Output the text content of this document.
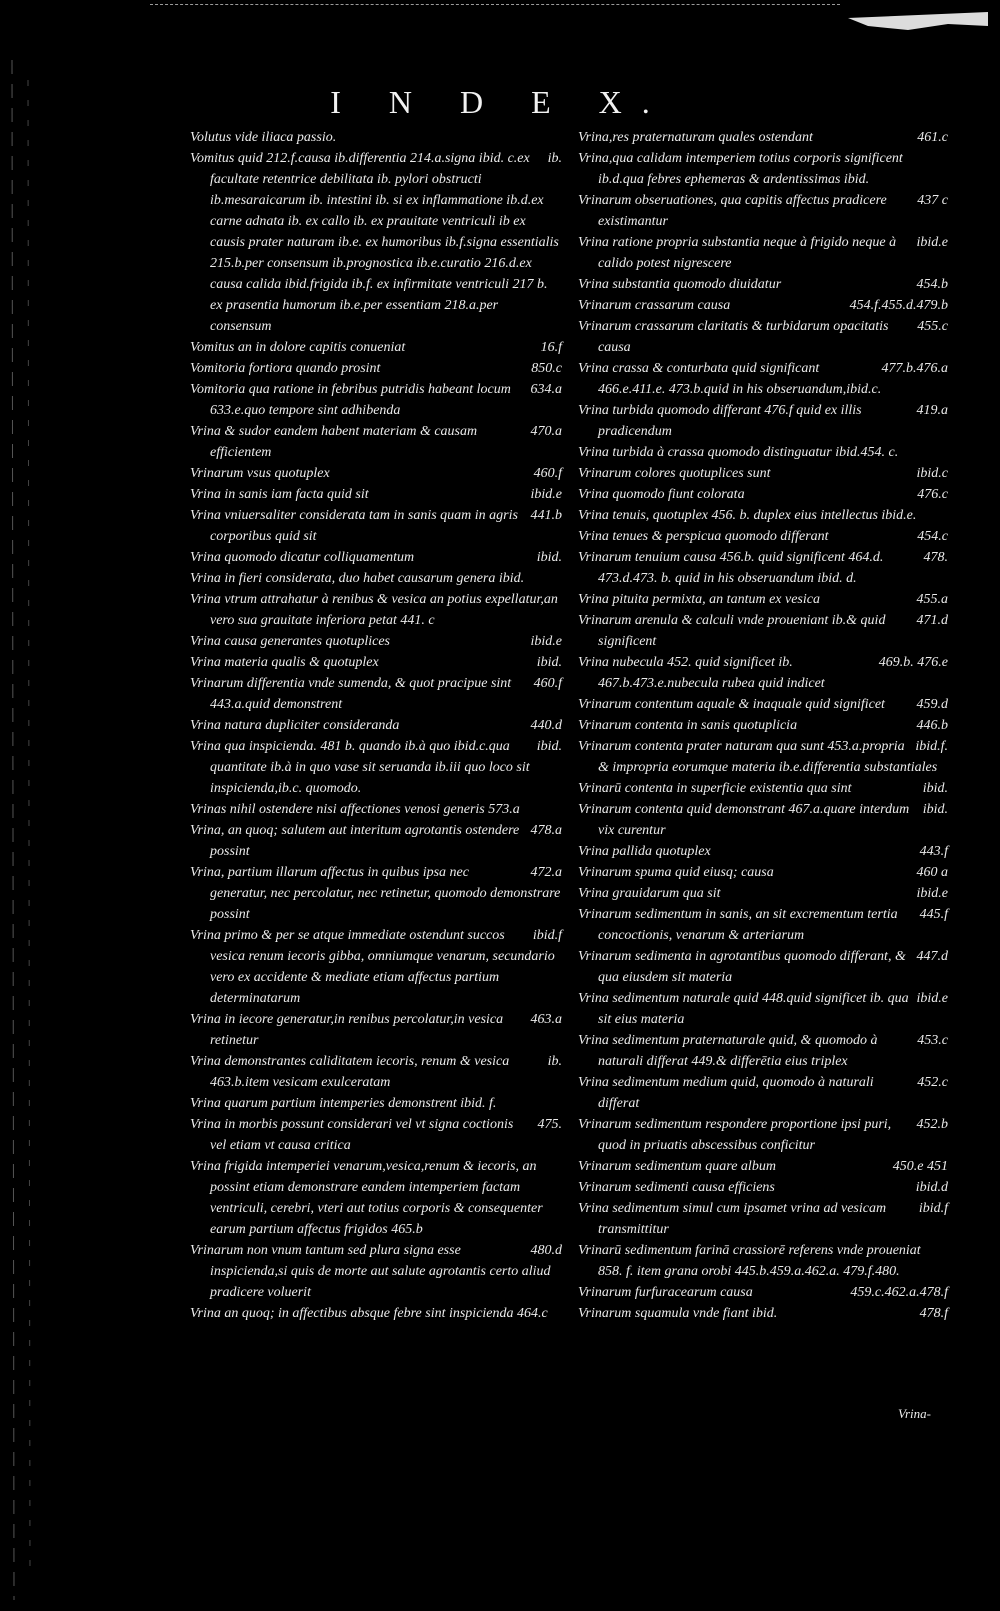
I N D E X.

Volutus vide iliaca passio.

ib.
Vomitus quid 212.f.causa ib.differentia 214.a.signa ibid. c.ex facultate retentrice debilitata ib. pylori obstructi ib.mesaraicarum ib. intestini ib. si ex inflammatione ib.d.ex carne adnata ib. ex callo ib. ex prauitate ventriculi ib ex causis prater naturam ib.e. ex humoribus ib.f.signa essentialis 215.b.per consensum ib.prognostica ib.e.curatio 216.d.ex causa calida ibid.frigida ib.f. ex infirmitate ventriculi 217 b. ex prasentia humorum ib.e.per essentiam 218.a.per consensum

16.f
Vomitus an in dolore capitis conueniat

850.c
Vomitoria fortiora quando prosint

634.a
Vomitoria qua ratione in febribus putridis habeant locum 633.e.quo tempore sint adhibenda

470.a
Vrina & sudor eandem habent materiam & causam efficientem

460.f
Vrinarum vsus quotuplex

ibid.e
Vrina in sanis iam facta quid sit

441.b
Vrina vniuersaliter considerata tam in sanis quam in agris corporibus quid sit

ibid.
Vrina quomodo dicatur colliquamentum

Vrina in fieri considerata, duo habet causarum genera ibid.

Vrina vtrum attrahatur à renibus & vesica an potius expellatur,an vero sua grauitate inferiora petat 441. c

ibid.e
Vrina causa generantes quotuplices

ibid.
Vrina materia qualis & quotuplex

460.f
Vrinarum differentia vnde sumenda, & quot pracipue sint 443.a.quid demonstrent

440.d
Vrina natura dupliciter consideranda

ibid.
Vrina qua inspicienda. 481 b. quando ib.à quo ibid.c.qua quantitate ib.à in quo vase sit seruanda ib.iii quo loco sit inspicienda,ib.c. quomodo.

Vrinas nihil ostendere nisi affectiones venosi generis 573.a

478.a
Vrina, an quoq; salutem aut interitum agrotantis ostendere possint

472.a
Vrina, partium illarum affectus in quibus ipsa nec generatur, nec percolatur, nec retinetur, quomodo demonstrare possint

ibid.f
Vrina primo & per se atque immediate ostendunt succos vesica renum iecoris gibba, omniumque venarum, secundario vero ex accidente & mediate etiam affectus partium determinatarum

463.a
Vrina in iecore generatur,in renibus percolatur,in vesica retinetur

ib.
Vrina demonstrantes caliditatem iecoris, renum & vesica 463.b.item vesicam exulceratam

Vrina quarum partium intemperies demonstrent ibid. f.

475.
Vrina in morbis possunt considerari vel vt signa coctionis vel etiam vt causa critica

Vrina frigida intemperiei venarum,vesica,renum & iecoris, an possint etiam demonstrare eandem intemperiem factam ventriculi, cerebri, vteri aut totius corporis & consequenter earum partium affectus frigidos 465.b

480.d
Vrinarum non vnum tantum sed plura signa esse inspicienda,si quis de morte aut salute agrotantis certo aliud pradicere voluerit

Vrina an quoq; in affectibus absque febre sint inspicienda 464.c

461.c
Vrina,res praternaturam quales ostendant

Vrina,qua calidam intemperiem totius corporis significent ib.d.qua febres ephemeras & ardentissimas ibid.

437 c
Vrinarum obseruationes, qua capitis affectus pradicere existimantur

ibid.e
Vrina ratione propria substantia neque à frigido neque à calido potest nigrescere

454.b
Vrina substantia quomodo diuidatur

454.f.455.d.479.b
Vrinarum crassarum causa

455.c
Vrinarum crassarum claritatis & turbidarum opacitatis causa

477.b.476.a
Vrina crassa & conturbata quid significant 466.e.411.e. 473.b.quid in his obseruandum,ibid.c.

419.a
Vrina turbida quomodo differant 476.f quid ex illis pradicendum

Vrina turbida à crassa quomodo distinguatur ibid.454. c.

ibid.c
Vrinarum colores quotuplices sunt

476.c
Vrina quomodo fiunt colorata

Vrina tenuis, quotuplex 456. b. duplex eius intellectus ibid.e.

454.c
Vrina tenues & perspicua quomodo differant

478.
Vrinarum tenuium causa 456.b. quid significent 464.d. 473.d.473. b. quid in his obseruandum ibid. d.

455.a
Vrina pituita permixta, an tantum ex vesica

471.d
Vrinarum arenula & calculi vnde proueniant ib.& quid significent

469.b. 476.e
Vrina nubecula 452. quid significet ib. 467.b.473.e.nubecula rubea quid indicet

459.d
Vrinarum contentum aquale & inaquale quid significet

446.b
Vrinarum contenta in sanis quotuplicia

ibid.f.
Vrinarum contenta prater naturam qua sunt 453.a.propria & impropria eorumque materia ib.e.differentia substantiales

ibid.
Vrinarū contenta in superficie existentia qua sint

ibid.
Vrinarum contenta quid demonstrant 467.a.quare interdum vix curentur

443.f
Vrina pallida quotuplex

460 a
Vrinarum spuma quid eiusq; causa

ibid.e
Vrina grauidarum qua sit

445.f
Vrinarum sedimentum in sanis, an sit excrementum tertia concoctionis, venarum & arteriarum

447.d
Vrinarum sedimenta in agrotantibus quomodo differant, & qua eiusdem sit materia

ibid.e
Vrina sedimentum naturale quid 448.quid significet ib. qua sit eius materia

453.c
Vrina sedimentum praternaturale quid, & quomodo à naturali differat 449.& differētia eius triplex

452.c
Vrina sedimentum medium quid, quomodo à naturali differat

452.b
Vrinarum sedimentum respondere proportione ipsi puri, quod in priuatis abscessibus conficitur

450.e 451
Vrinarum sedimentum quare album

ibid.d
Vrinarum sedimenti causa efficiens

ibid.f
Vrina sedimentum simul cum ipsamet vrina ad vesicam transmittitur

Vrinarū sedimentum farinā crassiorē referens vnde proueniat 858. f. item grana orobi 445.b.459.a.462.a. 479.f.480.

459.c.462.a.478.f
Vrinarum furfuracearum causa

478.f
Vrinarum squamula vnde fiant ibid.

Vrina-
